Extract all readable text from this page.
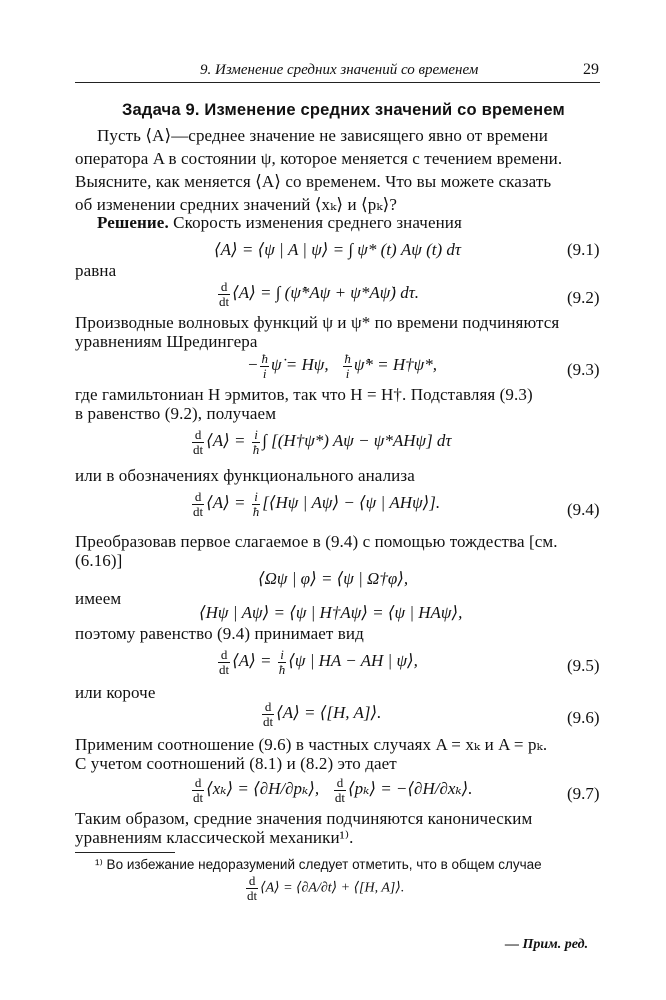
9. Изменение средних значений со временем	29
Задача 9. Изменение средних значений со временем
Пусть ⟨A⟩—среднее значение не зависящего явно от времени
оператора A в состоянии ψ, которое меняется с течением времени.
Выясните, как меняется ⟨A⟩ со временем. Что вы можете сказать
об изменении средних значений ⟨xₖ⟩ и ⟨pₖ⟩?
Решение. Скорость изменения среднего значения
⟨A⟩ = ⟨ψ | A | ψ⟩ = ∫ ψ* (t) Aψ (t) dτ	(9.1)
равна
$\frac{d}{dt}$ ⟨A⟩ = ∫ (ψ̇*Aψ + ψ*Aψ̇) dτ.	(9.2)
Производные волновых функций ψ и ψ* по времени подчиняются
уравнениям Шредингера
− $\frac{ħ}{i}$ ψ̇ = Hψ, $\frac{ħ}{i}$ ψ̇* = H†ψ*,	(9.3)
где гамильтониан H эрмитов, так что H = H†. Подставляя (9.3)
в равенство (9.2), получаем
$\frac{d}{dt}$ ⟨A⟩ = $\frac{i}{ħ}$ ∫ [(H†ψ*) Aψ − ψ*AHψ] dτ
или в обозначениях функционального анализа
$\frac{d}{dt}$ ⟨A⟩ = $\frac{i}{ħ}$ [⟨Hψ | Aψ⟩ − ⟨ψ | AHψ⟩].	(9.4)
Преобразовав первое слагаемое в (9.4) с помощью тождества [см.
(6.16)]
⟨Ωψ | φ⟩ = ⟨ψ | Ω†φ⟩,
имеем
⟨Hψ | Aψ⟩ = ⟨ψ | H†Aψ⟩ = ⟨ψ | HAψ⟩,
поэтому равенство (9.4) принимает вид
$\frac{d}{dt}$ ⟨A⟩ = $\frac{i}{ħ}$ ⟨ψ | HA − AH | ψ⟩,	(9.5)
или короче
$\frac{d}{dt}$ ⟨A⟩ = ⟨[H, A]⟩.	(9.6)
Применим соотношение (9.6) в частных случаях A = xₖ и A = pₖ.
С учетом соотношений (8.1) и (8.2) это дает
$\frac{d}{dt}$ ⟨xₖ⟩ = ⟨∂H/∂pₖ⟩, $\frac{d}{dt}$ ⟨pₖ⟩ = −⟨∂H/∂xₖ⟩.	(9.7)
Таким образом, средние значения подчиняются каноническим
уравнениям классической механики¹⁾.
¹⁾ Во избежание недоразумений следует отметить, что в общем случае
$\frac{d}{dt}$ ⟨A⟩ = ⟨∂A/∂t⟩ + ⟨[H, A]⟩.
— Прим. ред.
